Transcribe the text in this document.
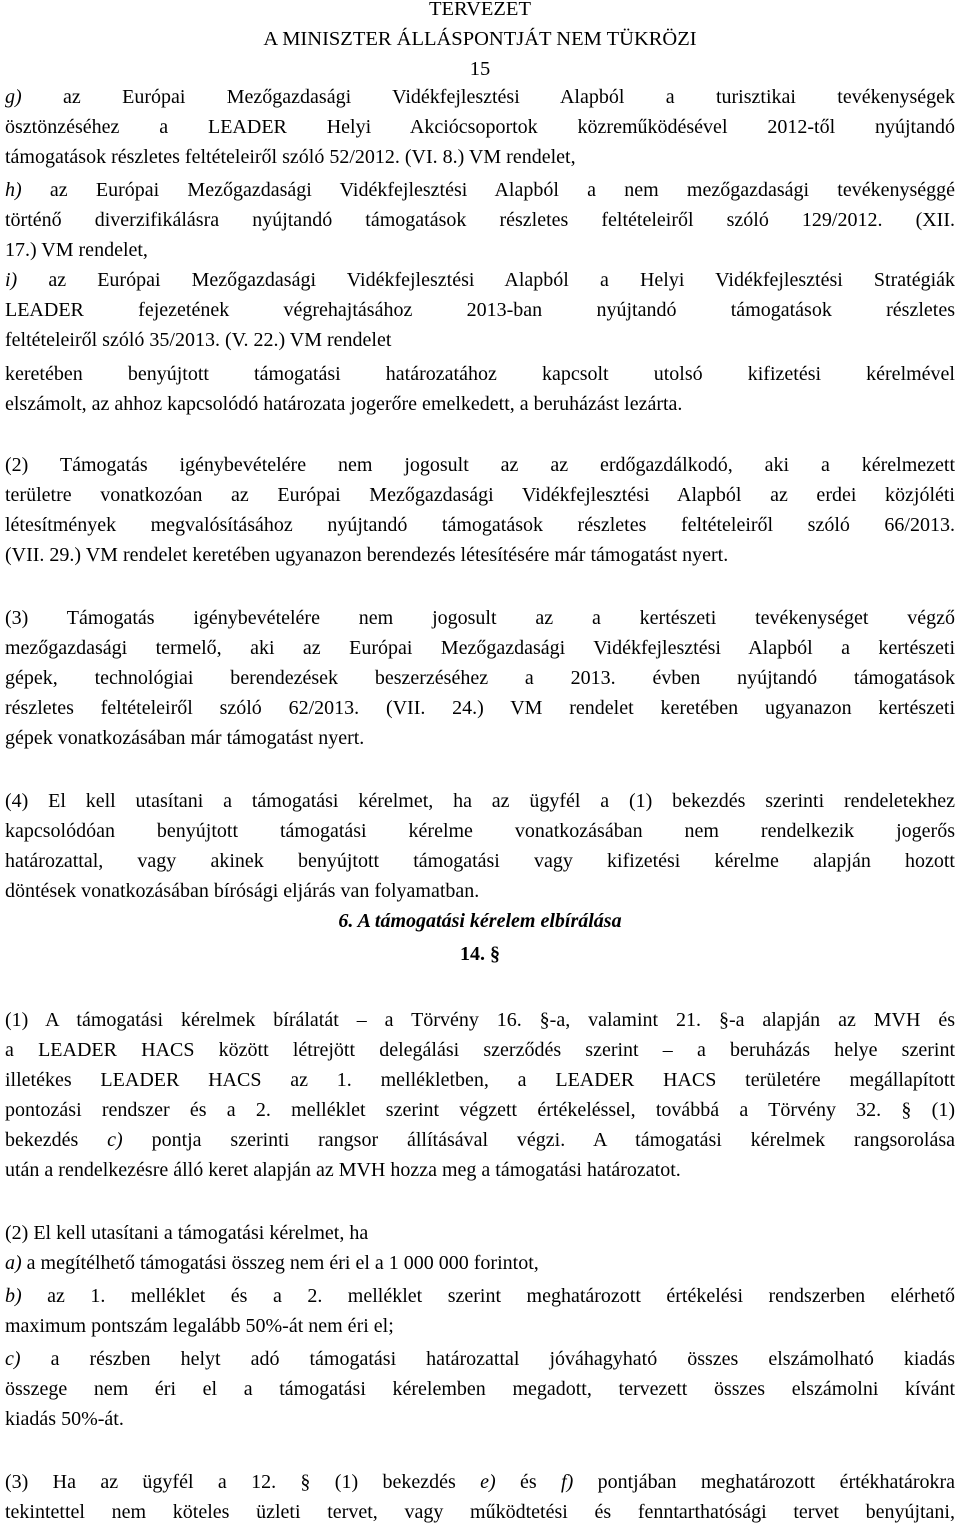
TERVEZET
A MINISZTER ÁLLÁSPONTJÁT NEM TÜKRÖZI
15
g) az Európai Mezőgazdasági Vidékfejlesztési Alapból a turisztikai tevékenységek
ösztönzéséhez a LEADER Helyi Akciócsoportok közreműködésével 2012-től nyújtandó
támogatások részletes feltételeiről szóló 52/2012. (VI. 8.) VM rendelet,
h) az Európai Mezőgazdasági Vidékfejlesztési Alapból a nem mezőgazdasági tevékenységgé
történő diverzifikálásra nyújtandó támogatások részletes feltételeiről szóló 129/2012. (XII.
17.) VM rendelet,
i) az Európai Mezőgazdasági Vidékfejlesztési Alapból a Helyi Vidékfejlesztési Stratégiák
LEADER fejezetének végrehajtásához 2013-ban nyújtandó támogatások részletes
feltételeiről szóló 35/2013. (V. 22.) VM rendelet
keretében benyújtott támogatási határozatához kapcsolt utolsó kifizetési kérelmével
elszámolt, az ahhoz kapcsolódó határozata jogerőre emelkedett, a beruházást lezárta.
(2) Támogatás igénybevételére nem jogosult az az erdőgazdálkodó, aki a kérelmezett
területre vonatkozóan az Európai Mezőgazdasági Vidékfejlesztési Alapból az erdei közjóléti
létesítmények megvalósításához nyújtandó támogatások részletes feltételeiről szóló 66/2013.
(VII. 29.) VM rendelet keretében ugyanazon berendezés létesítésére már támogatást nyert.
(3) Támogatás igénybevételére nem jogosult az a kertészeti tevékenységet végző
mezőgazdasági termelő, aki az Európai Mezőgazdasági Vidékfejlesztési Alapból a kertészeti
gépek, technológiai berendezések beszerzéséhez a 2013. évben nyújtandó támogatások
részletes feltételeiről szóló 62/2013. (VII. 24.) VM rendelet keretében ugyanazon kertészeti
gépek vonatkozásában már támogatást nyert.
(4) El kell utasítani a támogatási kérelmet, ha az ügyfél a (1) bekezdés szerinti rendeletekhez
kapcsolódóan benyújtott támogatási kérelme vonatkozásában nem rendelkezik jogerős
határozattal, vagy akinek benyújtott támogatási vagy kifizetési kérelme alapján hozott
döntések vonatkozásában bírósági eljárás van folyamatban.
6. A támogatási kérelem elbírálása
14. §
(1) A támogatási kérelmek bírálatát – a Törvény 16. §-a, valamint 21. §-a alapján az MVH és
a LEADER HACS között létrejött delegálási szerződés szerint – a beruházás helye szerint
illetékes LEADER HACS az 1. mellékletben, a LEADER HACS területére megállapított
pontozási rendszer és a 2. melléklet szerint végzett értékeléssel, továbbá a Törvény 32. § (1)
bekezdés c) pontja szerinti rangsor állításával végzi. A támogatási kérelmek rangsorolása
után a rendelkezésre álló keret alapján az MVH hozza meg a támogatási határozatot.
(2) El kell utasítani a támogatási kérelmet, ha
a) a megítélhető támogatási összeg nem éri el a 1 000 000 forintot,
b) az 1. melléklet és a 2. melléklet szerint meghatározott értékelési rendszerben elérhető
maximum pontszám legalább 50%-át nem éri el;
c) a részben helyt adó támogatási határozattal jóváhagyható összes elszámolható kiadás
összege nem éri el a támogatási kérelemben megadott, tervezett összes elszámolni kívánt
kiadás 50%-át.
(3) Ha az ügyfél a 12. § (1) bekezdés e) és f) pontjában meghatározott értékhatárokra
tekintettel nem köteles üzleti tervet, vagy működtetési és fenntarthatósági tervet benyújtani,
